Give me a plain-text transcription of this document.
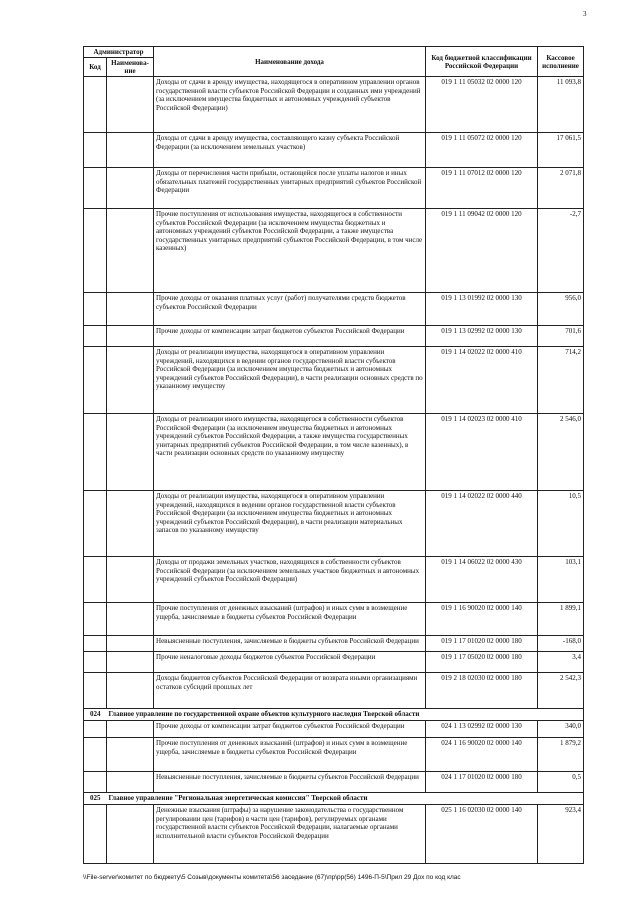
3
Администратор		Наименование дохода	Код бюджетной классификации Российской Федерации	Кассовое исполнение
Код	Наименова-ние			
		Доходы от сдачи в аренду имущества, находящегося в оперативном управлении органов государственной власти субъектов Российской Федерации и созданных ими учреждений (за исключением имущества бюджетных и автономных учреждений субъектов Российской Федерации)	019 1 11 05032 02 0000 120	11 093,8
		Доходы от сдачи в аренду имущества, составляющего казну субъекта Российской Федерации (за исключением земельных участков)	019 1 11 05072 02 0000 120	17 061,5
		Доходы от перечисления части прибыли, остающейся после уплаты налогов и иных обязательных платежей государственных унитарных предприятий субъектов Российской Федерации	019 1 11 07012 02 0000 120	2 071,8
		Прочие поступления от использования имущества, находящегося в собственности субъектов Российской Федерации (за исключением имущества бюджетных и автономных учреждений субъектов Российской Федерации, а также имущества государственных унитарных предприятий субъектов Российской Федерации, в том числе казенных)	019 1 11 09042 02 0000 120	-2,7
		Прочие доходы от оказания платных услуг (работ) получателями средств бюджетов субъектов Российской Федерации	019 1 13 01992 02 0000 130	956,0
		Прочие доходы от компенсации затрат бюджетов субъектов Российской Федерации	019 1 13 02992 02 0000 130	701,6
		Доходы от реализации имущества, находящегося в оперативном управлении учреждений, находящихся в ведении органов государственной власти субъектов Российской Федерации (за исключением имущества бюджетных и автономных учреждений субъектов Российской Федерации), в части реализации основных средств по указанному имуществу	019 1 14 02022 02 0000 410	714,2
		Доходы от реализации иного имущества, находящегося в собственности субъектов Российской Федерации (за исключением имущества бюджетных и автономных учреждений субъектов Российской Федерации, а также имущества государственных унитарных предприятий субъектов Российской Федерации, в том числе казенных), в части реализации основных средств по указанному имуществу	019 1 14 02023 02 0000 410	2 546,0
		Доходы от реализации имущества, находящегося в оперативном управлении учреждений, находящихся в ведении органов государственной власти субъектов Российской Федерации (за исключением имущества бюджетных и автономных учреждений субъектов Российской Федерации), в части реализации материальных запасов по указанному имуществу	019 1 14 02022 02 0000 440	10,5
		Доходы от продажи земельных участков, находящихся в собственности субъектов Российской Федерации (за исключением земельных участков бюджетных и автономных учреждений субъектов Российской Федерации)	019 1 14 06022 02 0000 430	103,1
		Прочие поступления от денежных взысканий (штрафов) и иных сумм в возмещение ущерба, зачисляемые в бюджеты субъектов Российской Федерации	019 1 16 90020 02 0000 140	1 899,1
		Невыясненные поступления, зачисляемые в бюджеты субъектов Российской Федерации	019 1 17 01020 02 0000 180	-168,0
		Прочие неналоговые доходы бюджетов субъектов Российской Федерации	019 1 17 05020 02 0000 180	3,4
		Доходы бюджетов субъектов Российской Федерации от возврата иными организациями остатков субсидий прошлых лет	019 2 18 02030 02 0000 180	2 542,3
024	Главное управление по государственной охране объектов культурного наследия Тверской области			
		Прочие доходы от компенсации затрат бюджетов субъектов Российской Федерации	024 1 13 02992 02 0000 130	340,0
		Прочие поступления от денежных взысканий (штрафов) и иных сумм в возмещение ущерба, зачисляемые в бюджеты субъектов Российской Федерации	024 1 16 90020 02 0000 140	1 879,2
		Невыясненные поступления, зачисляемые в бюджеты субъектов Российской Федерации	024 1 17 01020 02 0000 180	0,5
025	Главное управление "Региональная энергетическая комиссия" Тверской области			
		Денежные взыскания (штрафы) за нарушение законодательства о государственном регулировании цен (тарифов) в части цен (тарифов), регулируемых органами государственной власти субъектов Российской Федерации, налагаемые органами исполнительной власти субъектов Российской Федерации	025 1 16 02030 02 0000 140	923,4
\\File-server\комитет по бюджету\5 Созыв\документы комитета\56 заседание (67)\пр\рр(56) 1496-П-5\Прил 29 Дох по код клас
